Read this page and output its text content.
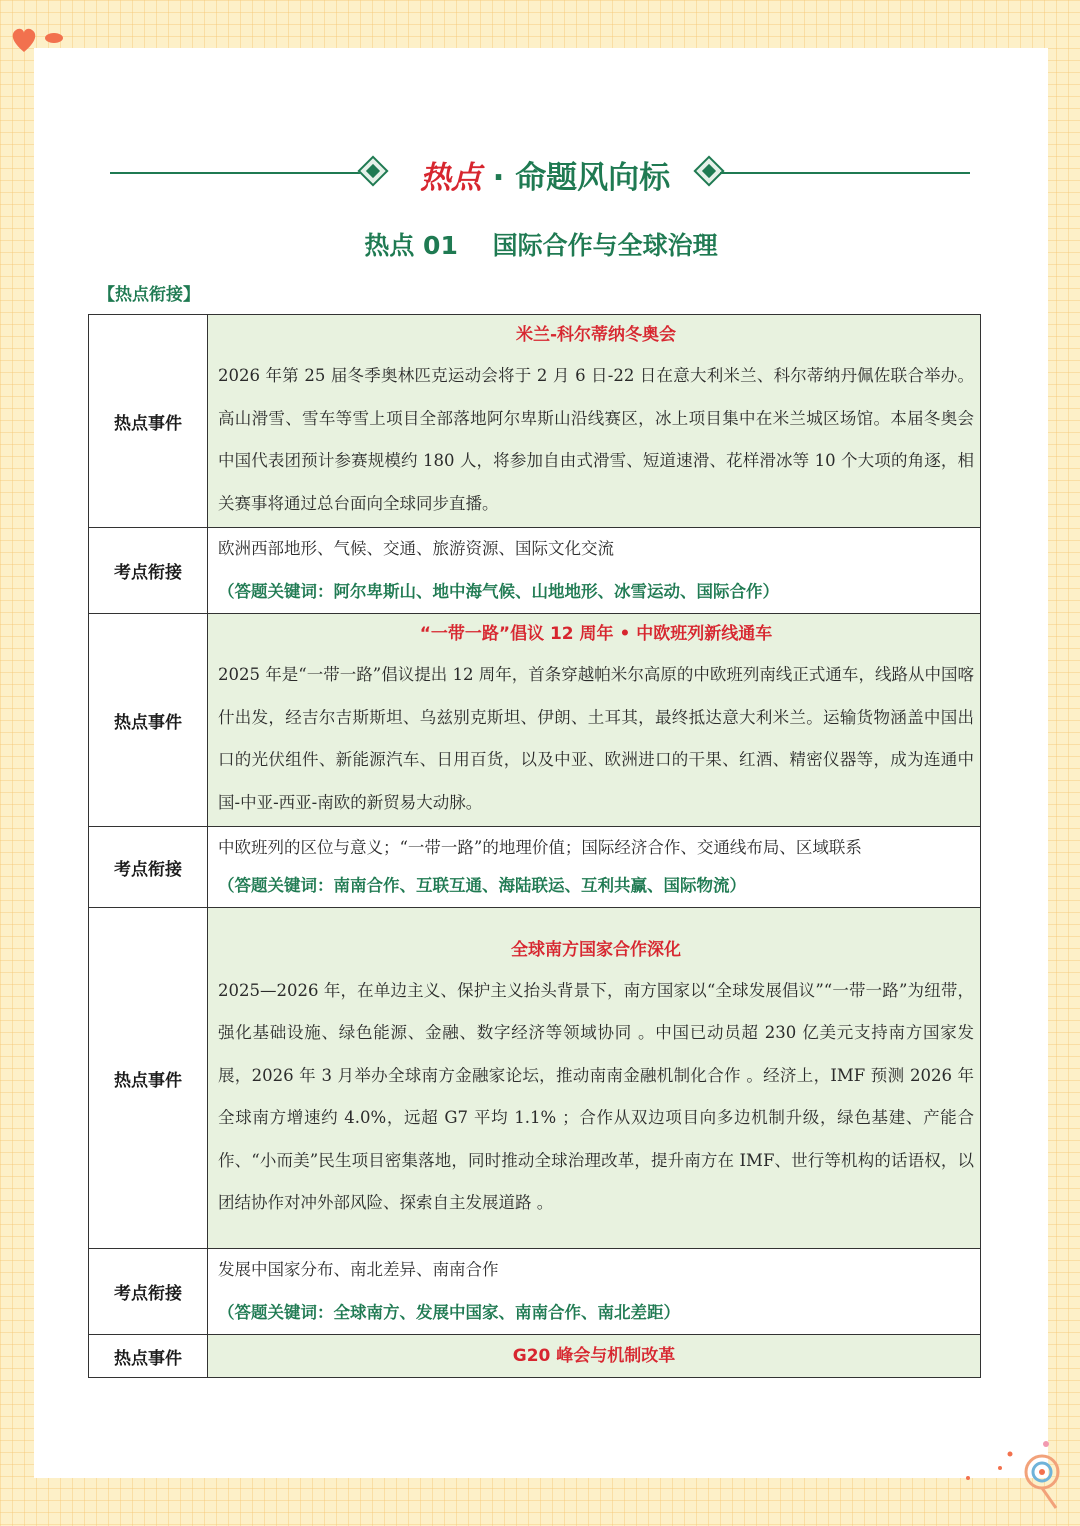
热点 · 命题风向标
热点 01    国际合作与全球治理
【热点衔接】
热点事件	米兰-科尔蒂纳冬奥会
2026 年第 25 届冬季奥林匹克运动会将于 2 月 6 日-22 日在意大利米兰、科尔蒂纳丹佩佐联合举办。高山滑雪、雪车等雪上项目全部落地阿尔卑斯山沿线赛区，冰上项目集中在米兰城区场馆。本届冬奥会中国代表团预计参赛规模约 180 人，将参加自由式滑雪、短道速滑、花样滑冰等 10 个大项的角逐，相关赛事将通过总台面向全球同步直播。

考点衔接	欧洲西部地形、气候、交通、旅游资源、国际文化交流
（答题关键词：阿尔卑斯山、地中海气候、山地地形、冰雪运动、国际合作）

热点事件	“一带一路”倡议 12 周年 • 中欧班列新线通车
2025 年是“一带一路”倡议提出 12 周年，首条穿越帕米尔高原的中欧班列南线正式通车，线路从中国喀什出发，经吉尔吉斯斯坦、乌兹别克斯坦、伊朗、土耳其，最终抵达意大利米兰。运输货物涵盖中国出口的光伏组件、新能源汽车、日用百货，以及中亚、欧洲进口的干果、红酒、精密仪器等，成为连通中国-中亚-西亚-南欧的新贸易大动脉。

考点衔接	中欧班列的区位与意义；“一带一路”的地理价值；国际经济合作、交通线布局、区域联系
（答题关键词：南南合作、互联互通、海陆联运、互利共赢、国际物流）

热点事件	全球南方国家合作深化
2025—2026 年，在单边主义、保护主义抬头背景下，南方国家以“全球发展倡议”“一带一路”为纽带，强化基础设施、绿色能源、金融、数字经济等领域协同 。中国已动员超 230 亿美元支持南方国家发展，2026 年 3 月举办全球南方金融家论坛，推动南南金融机制化合作 。经济上，IMF 预测 2026 年全球南方增速约 4.0%，远超 G7 平均 1.1% ；合作从双边项目向多边机制升级，绿色基建、产能合作、“小而美”民生项目密集落地，同时推动全球治理改革，提升南方在 IMF、世行等机构的话语权，以团结协作对冲外部风险、探索自主发展道路 。

考点衔接	发展中国家分布、南北差异、南南合作
（答题关键词：全球南方、发展中国家、南南合作、南北差距）

热点事件	G20 峰会与机制改革
